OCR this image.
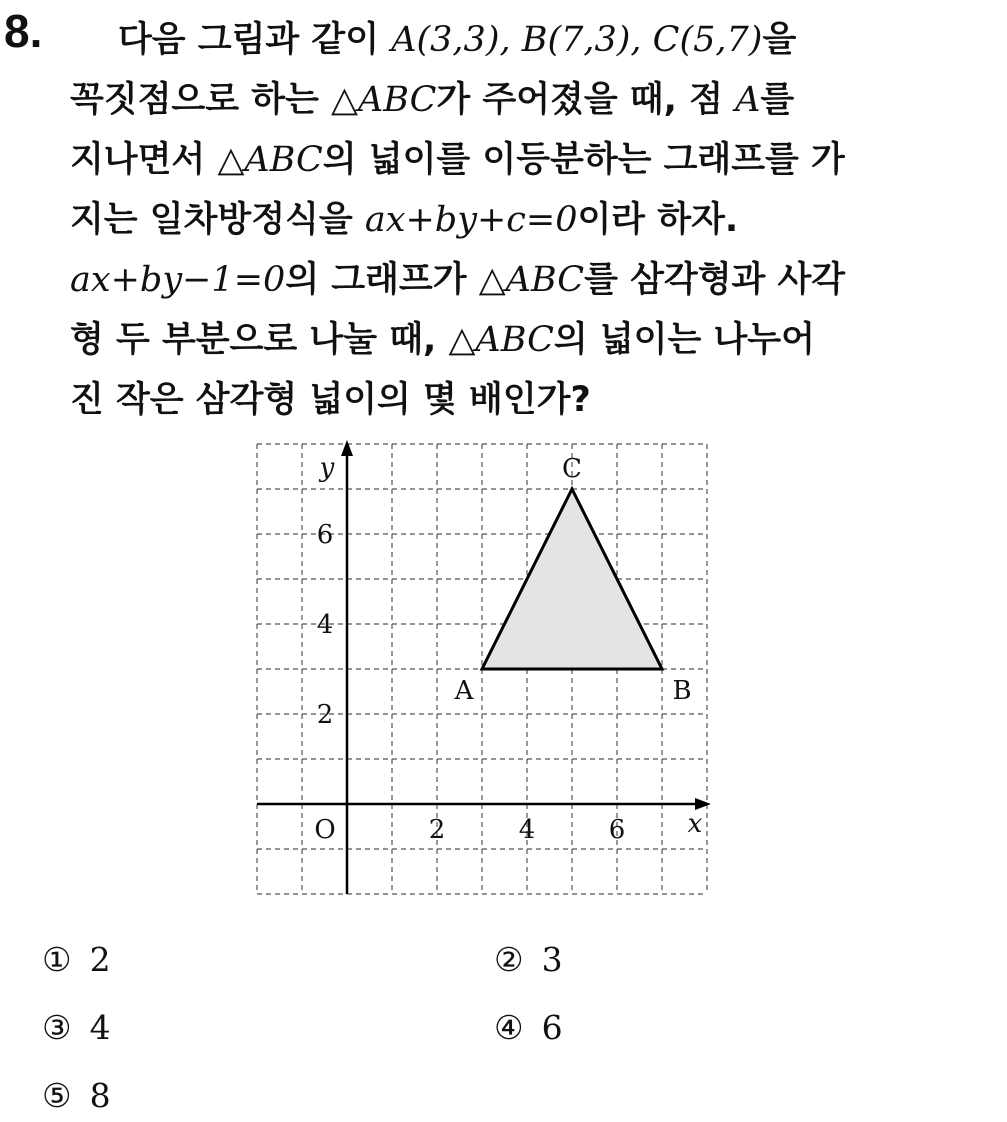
8. 다음 그림과 같이 A(3,3), B(7,3), C(5,7)을
꼭짓점으로 하는 △ABC가 주어졌을 때, 점 A를
지나면서 △ABC의 넓이를 이등분하는 그래프를 가
지는 일차방정식을 ax+by+c=0이라 하자.
ax+by−1=0의 그래프가 △ABC를 삼각형과 사각
형 두 부분으로 나눌 때, △ABC의 넓이는 나누어
진 작은 삼각형 넓이의 몇 배인가?
2	4	6
2
4
6
O	x
y
A	B
C
① 2	② 3
③ 4	④ 6
⑤ 8
